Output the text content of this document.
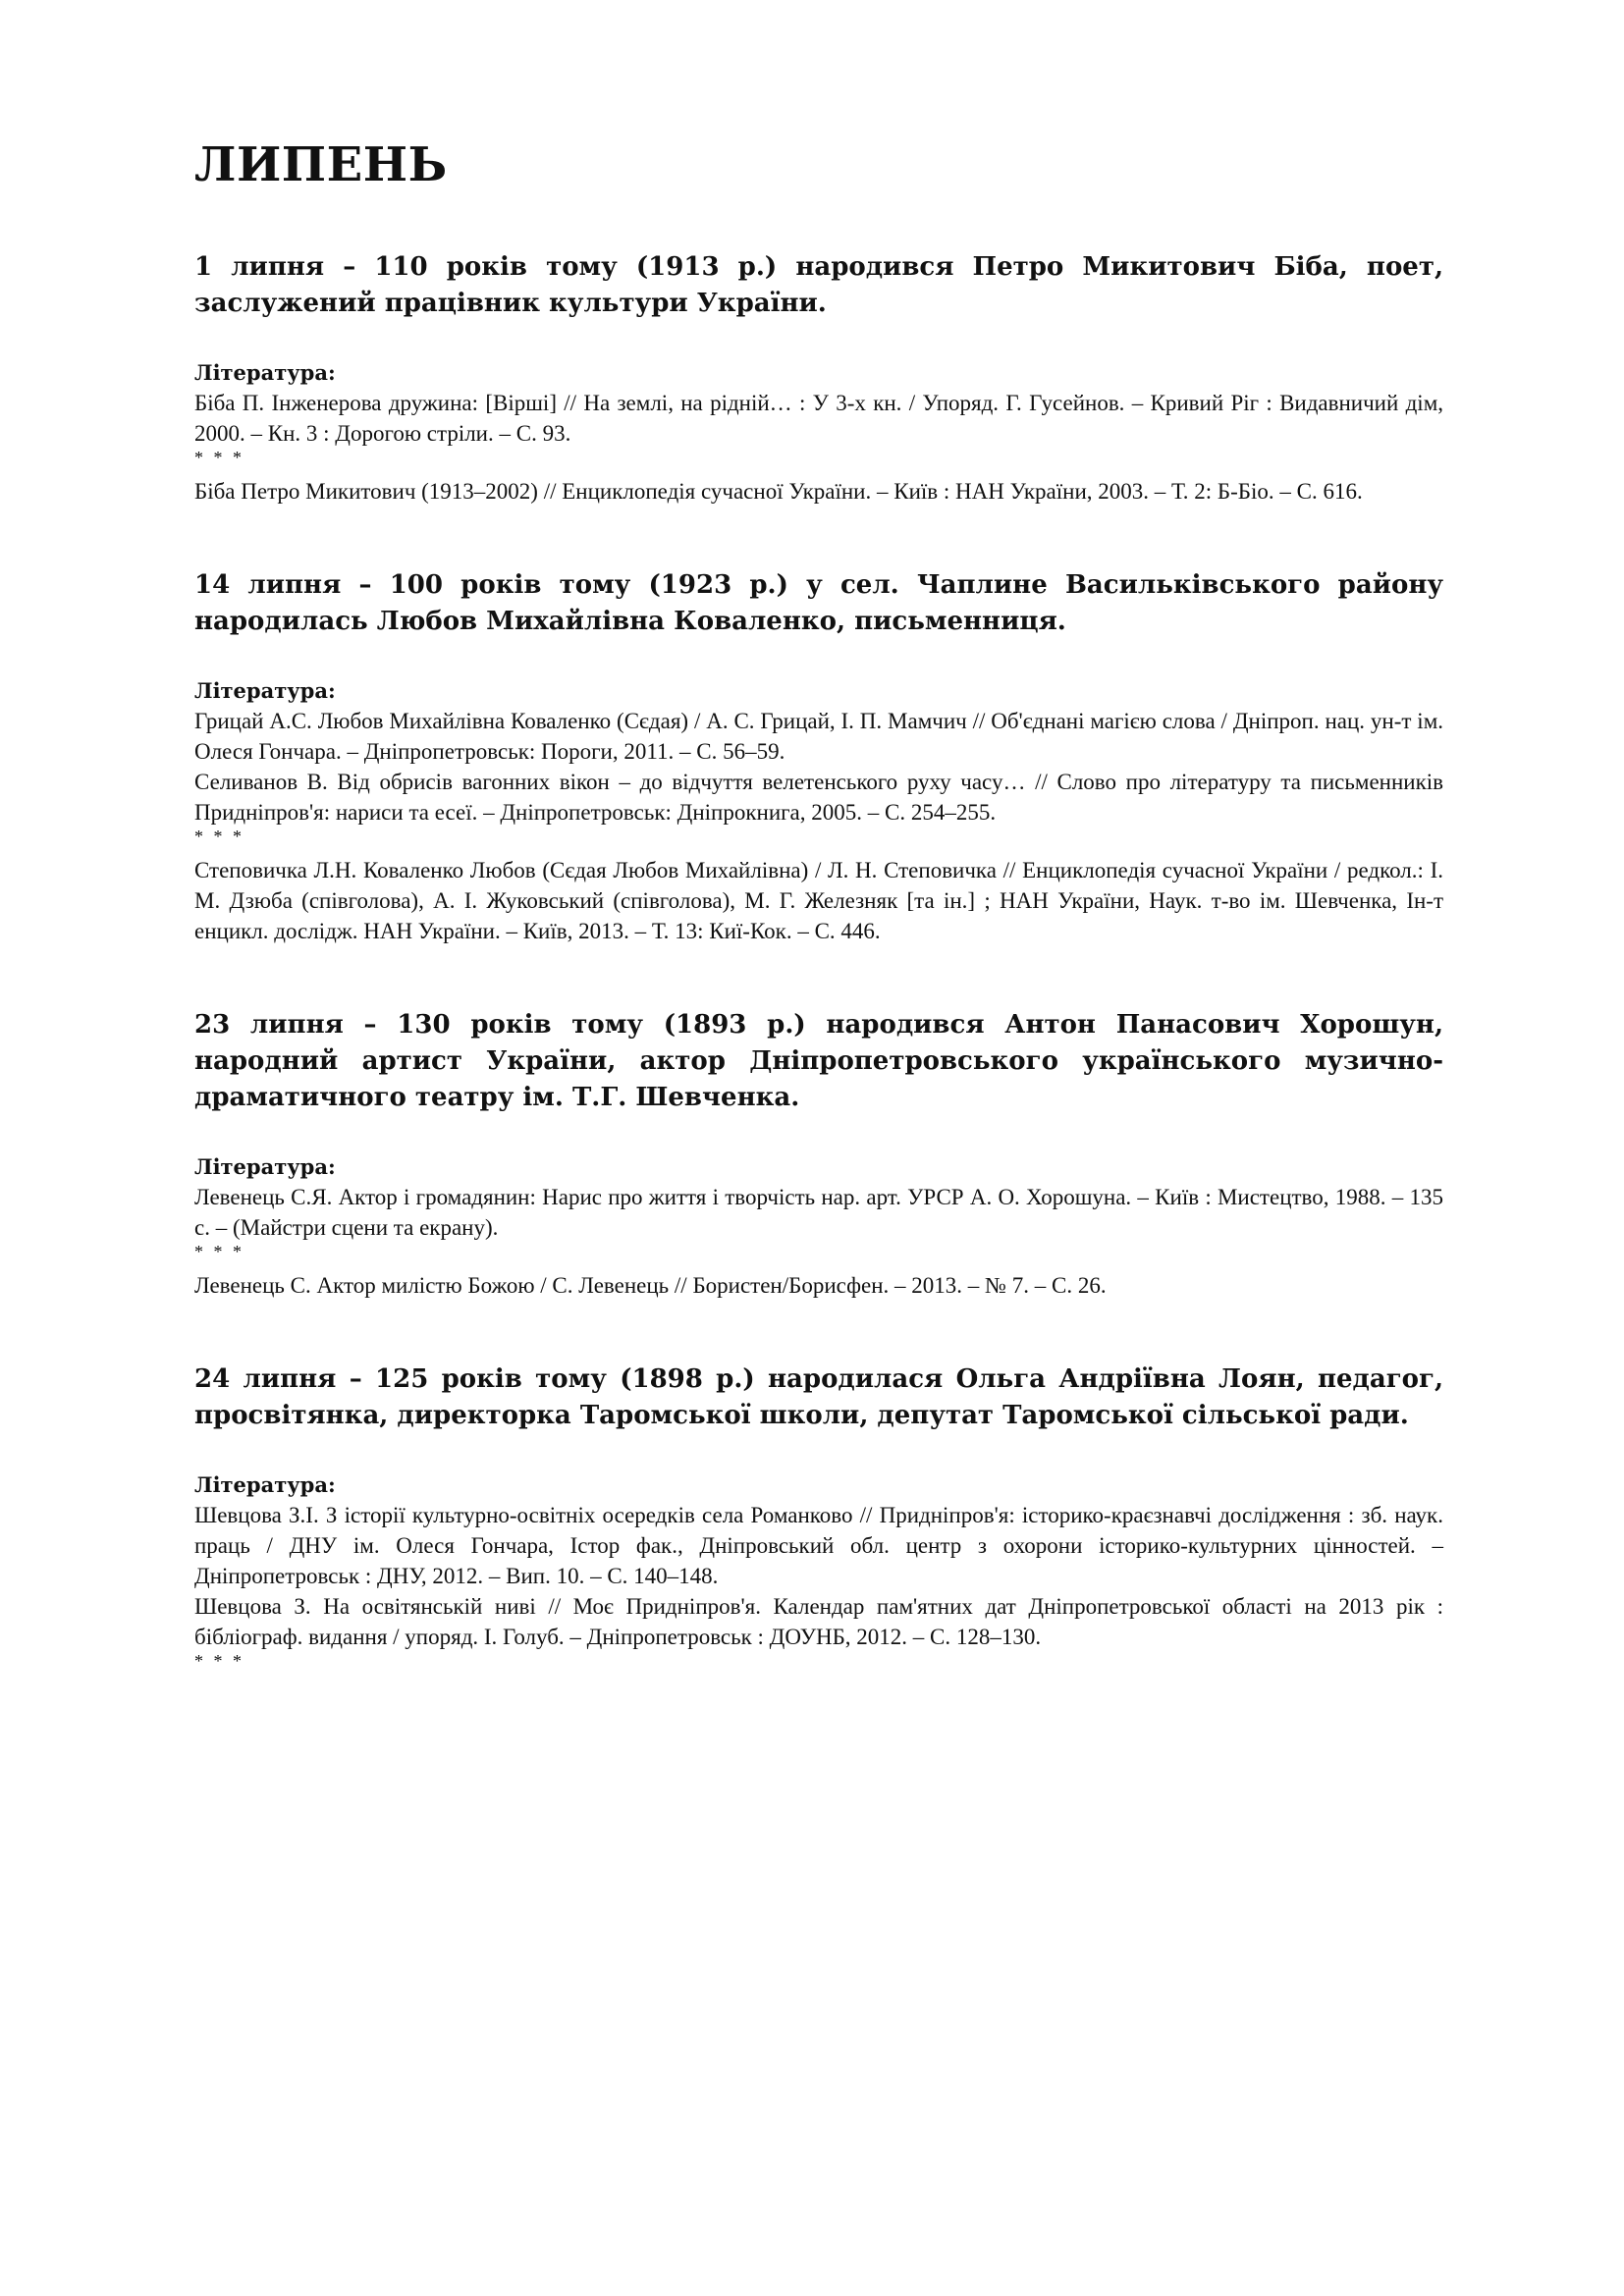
ЛИПЕНЬ

1 липня – 110 років тому (1913 р.) народився Петро Микитович Біба, поет, заслужений працівник культури України.

Література:

Біба П. Інженерова дружина: [Вірші] // На землі, на рідній… : У 3-х кн. / Упоряд. Г. Гусейнов. – Кривий Ріг : Видавничий дім, 2000. – Кн. 3 : Дорогою стріли. – С. 93.

* * *

Біба Петро Микитович (1913–2002) // Енциклопедія сучасної України. – Київ : НАН України, 2003. – Т. 2: Б-Біо. – С. 616.

14 липня – 100 років тому (1923 р.) у сел. Чаплине Васильківського району народилась Любов Михайлівна Коваленко, письменниця.

Література:

Грицай А.С. Любов Михайлівна Коваленко (Сєдая) / А. С. Грицай, І. П. Мамчич // Об'єднані магією слова / Дніпроп. нац. ун-т ім. Олеся Гончара. – Дніпропетровськ: Пороги, 2011. – С. 56–59.

Селиванов В. Від обрисів вагонних вікон – до відчуття велетенського руху часу… // Слово про літературу та письменників Придніпров'я: нариси та есеї. – Дніпропетровськ: Дніпрокнига, 2005. – С. 254–255.

* * *

Степовичка Л.Н. Коваленко Любов (Сєдая Любов Михайлівна) / Л. Н. Степовичка // Енциклопедія сучасної України / редкол.: І. М. Дзюба (співголова), А. І. Жуковський (співголова), М. Г. Железняк [та ін.] ; НАН України, Наук. т-во ім. Шевченка, Ін-т енцикл. дослідж. НАН України. – Київ, 2013. – Т. 13: Киї-Кок. – С. 446.

23 липня – 130 років тому (1893 р.) народився Антон Панасович Хорошун, народний артист України, актор Дніпропетровського українського музично-драматичного театру ім. Т.Г. Шевченка.

Література:

Левенець С.Я. Актор і громадянин: Нарис про життя і творчість нар. арт. УРСР А. О. Хорошуна. – Київ : Мистецтво, 1988. – 135 с. – (Майстри сцени та екрану).

* * *

Левенець С. Актор милістю Божою / С. Левенець // Бористен/Борисфен. – 2013. – № 7. – С. 26.

24 липня – 125 років тому (1898 р.) народилася Ольга Андріївна Лоян, педагог, просвітянка, директорка Таромської школи, депутат Таромської сільської ради.

Література:

Шевцова З.І. З історії культурно-освітніх осередків села Романково // Придніпров'я: історико-краєзнавчі дослідження : зб. наук. праць / ДНУ ім. Олеся Гончара, Істор фак., Дніпровський обл. центр з охорони історико-культурних цінностей. – Дніпропетровськ : ДНУ, 2012. – Вип. 10. – С. 140–148.

Шевцова З. На освітянській ниві // Моє Придніпров'я. Календар пам'ятних дат Дніпропетровської області на 2013 рік : бібліограф. видання / упоряд. І. Голуб. – Дніпропетровськ : ДОУНБ, 2012. – С. 128–130.

* * *
